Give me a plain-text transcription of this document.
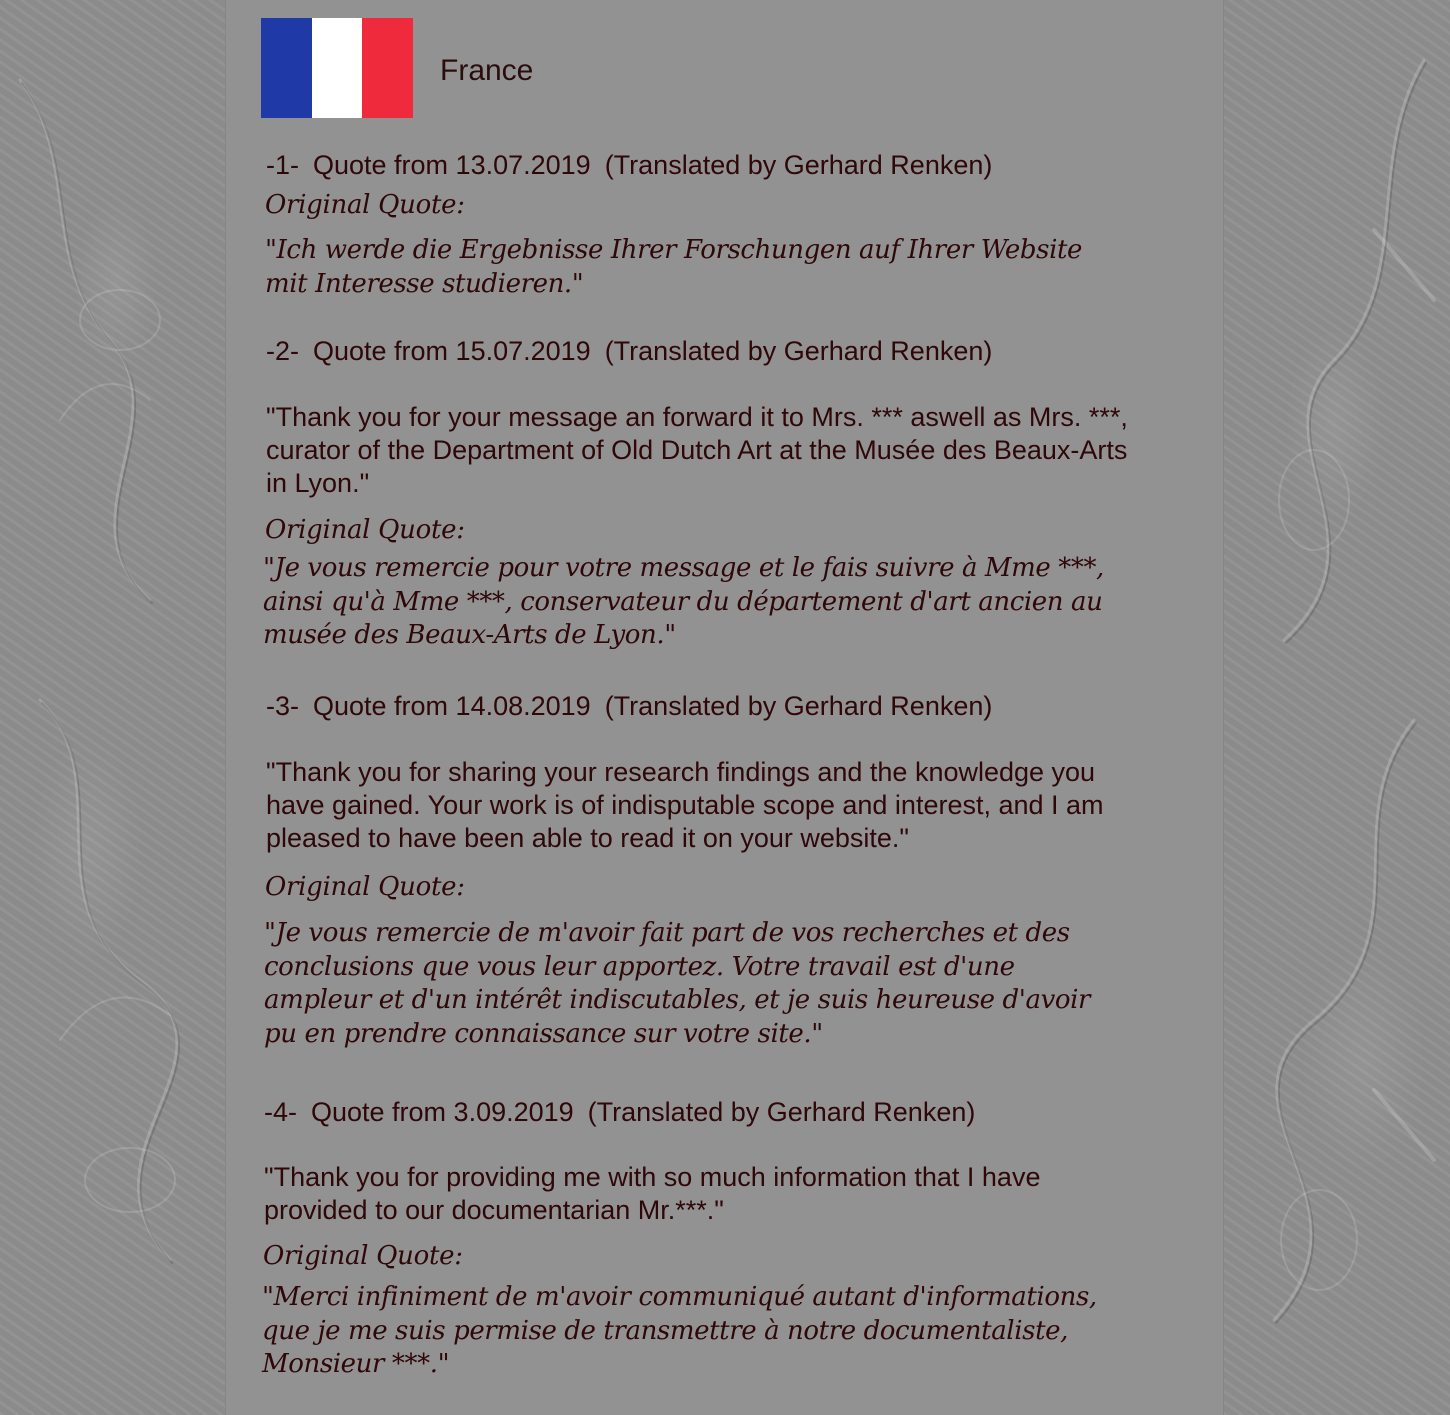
France

-1- Quote from 13.07.2019 (Translated by Gerhard Renken)

Original Quote:

"Ich werde die Ergebnisse Ihrer Forschungen auf Ihrer Website
mit Interesse studieren."

-2- Quote from 15.07.2019 (Translated by Gerhard Renken)

"Thank you for your message an forward it to Mrs. *** aswell as Mrs. ***,
curator of the Department of Old Dutch Art at the Musée des Beaux-Arts
in Lyon."

Original Quote:

"Je vous remercie pour votre message et le fais suivre à Mme ***,
ainsi qu'à Mme ***, conservateur du département d'art ancien au
musée des Beaux-Arts de Lyon."

-3- Quote from 14.08.2019 (Translated by Gerhard Renken)

"Thank you for sharing your research findings and the knowledge you
have gained. Your work is of indisputable scope and interest, and I am
pleased to have been able to read it on your website."

Original Quote:

"Je vous remercie de m'avoir fait part de vos recherches et des
conclusions que vous leur apportez. Votre travail est d'une
ampleur et d'un intérêt indiscutables, et je suis heureuse d'avoir
pu en prendre connaissance sur votre site."

-4- Quote from 3.09.2019 (Translated by Gerhard Renken)

"Thank you for providing me with so much information that I have
provided to our documentarian Mr.***."

Original Quote:

"Merci infiniment de m'avoir communiqué autant d'informations,
que je me suis permise de transmettre à notre documentaliste,
Monsieur ***."
